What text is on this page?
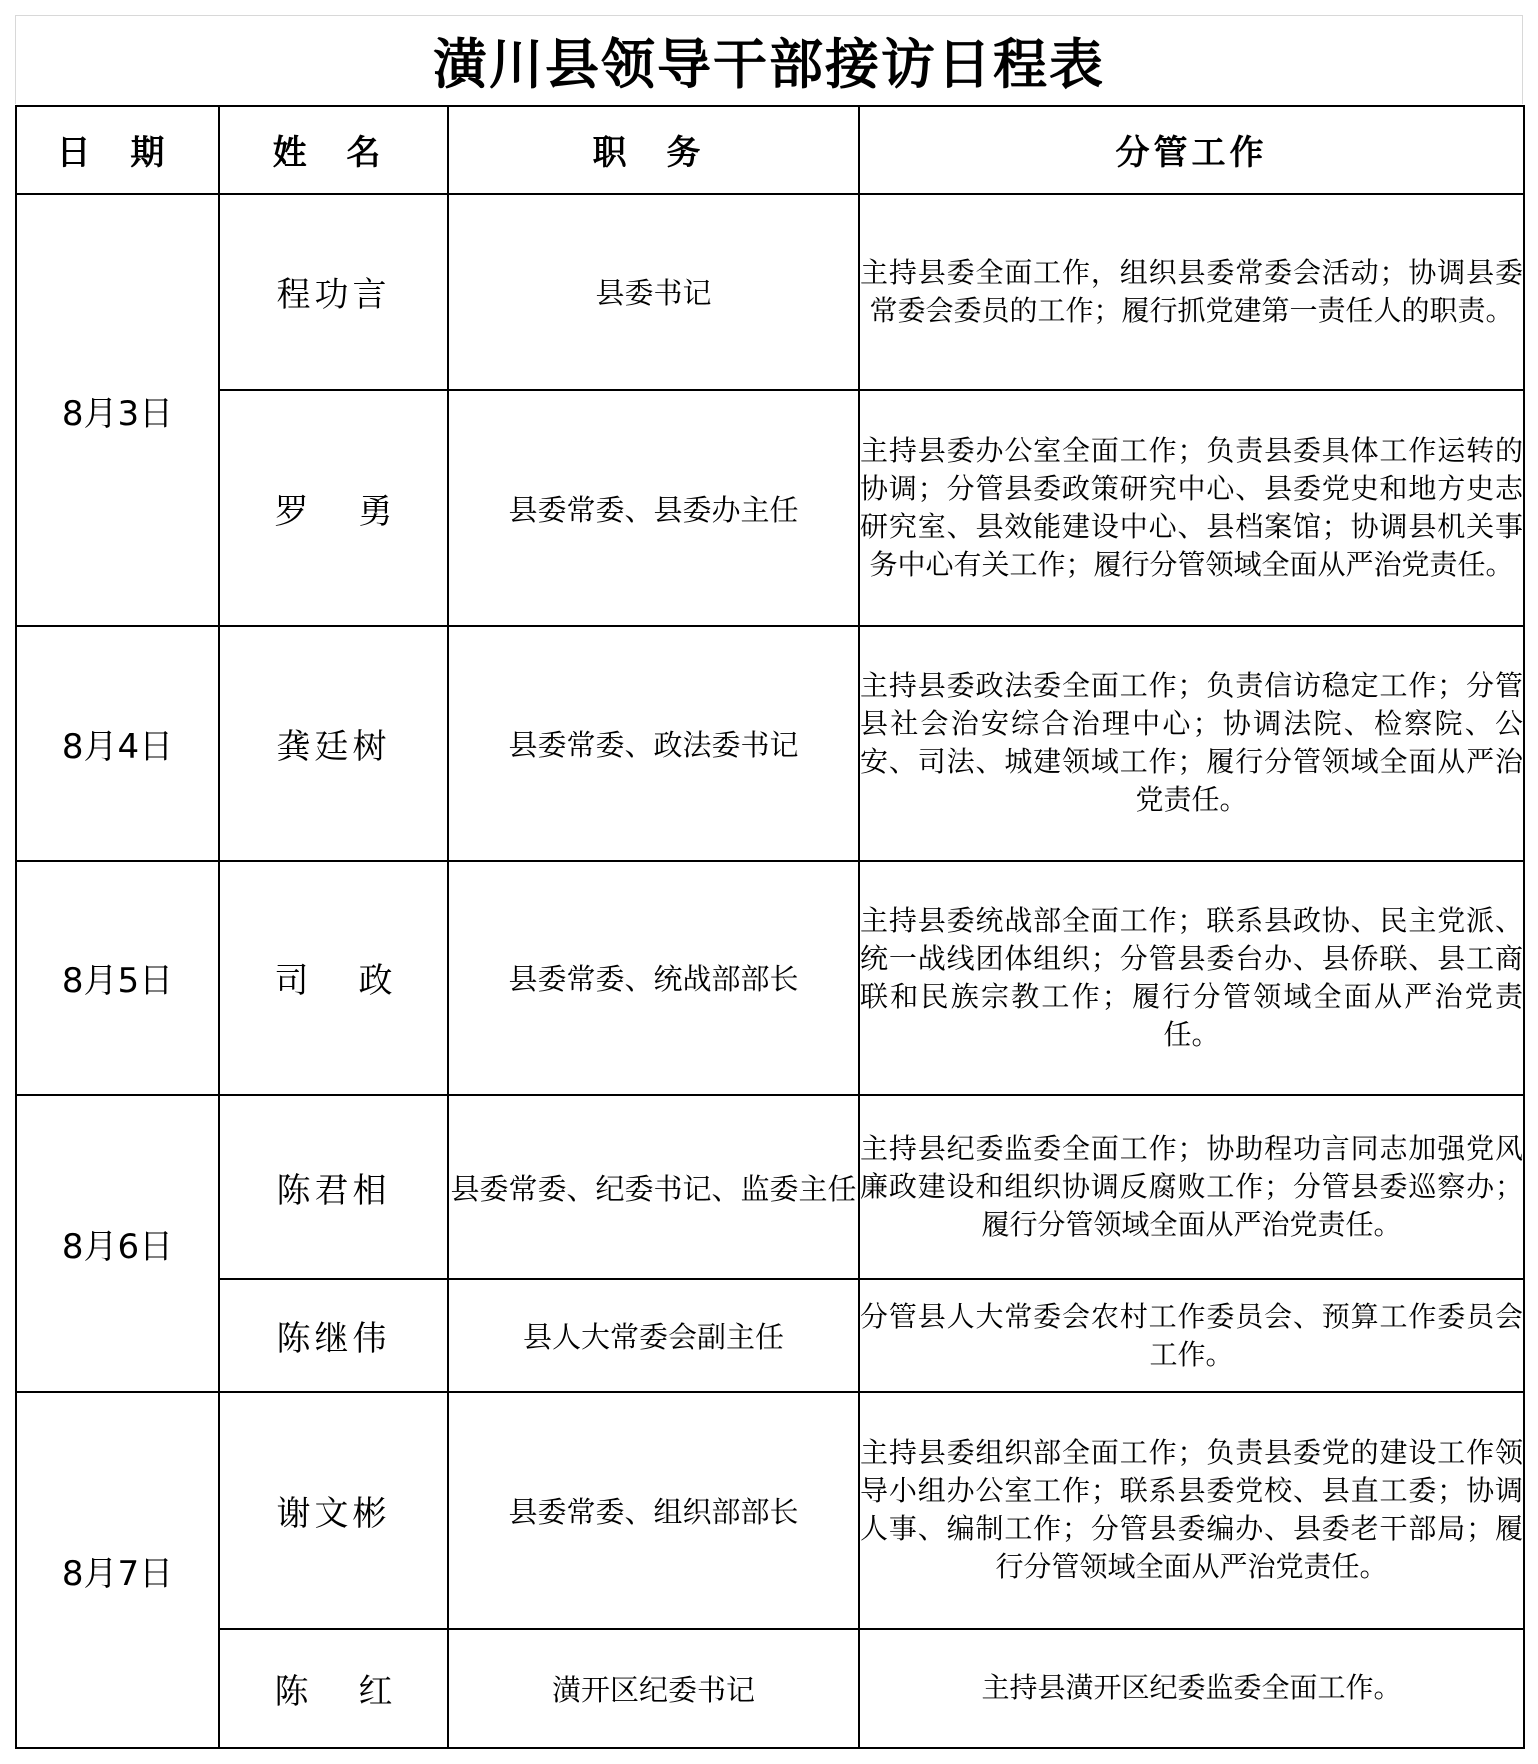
潢川县领导干部接访日程表
日 期	姓 名	职 务	分管工作
8月3日	程功言	县委书记	主持县委全面工作，组织县委常委会活动；协调县委常委会委员的工作；履行抓党建第一责任人的职责。

	罗勇	县委常委、县委办主任	主持县委办公室全面工作；负责县委具体工作运转的协调；分管县委政策研究中心、县委党史和地方史志研究室、县效能建设中心、县档案馆；协调县机关事务中心有关工作；履行分管领域全面从严治党责任。

8月4日	龚廷树	县委常委、政法委书记	主持县委政法委全面工作；负责信访稳定工作；分管县社会治安综合治理中心；协调法院、检察院、公安、司法、城建领域工作；履行分管领域全面从严治党责任。

8月5日	司政	县委常委、统战部部长	主持县委统战部全面工作；联系县政协、民主党派、统一战线团体组织；分管县委台办、县侨联、县工商联和民族宗教工作；履行分管领域全面从严治党责任。

8月6日	陈君相	县委常委、纪委书记、监委主任	主持县纪委监委全面工作；协助程功言同志加强党风廉政建设和组织协调反腐败工作；分管县委巡察办；履行分管领域全面从严治党责任。

	陈继伟	县人大常委会副主任	分管县人大常委会农村工作委员会、预算工作委员会工作。

8月7日	谢文彬	县委常委、组织部部长	主持县委组织部全面工作；负责县委党的建设工作领导小组办公室工作；联系县委党校、县直工委；协调人事、编制工作；分管县委编办、县委老干部局；履行分管领域全面从严治党责任。

	陈红	潢开区纪委书记	主持县潢开区纪委监委全面工作。
